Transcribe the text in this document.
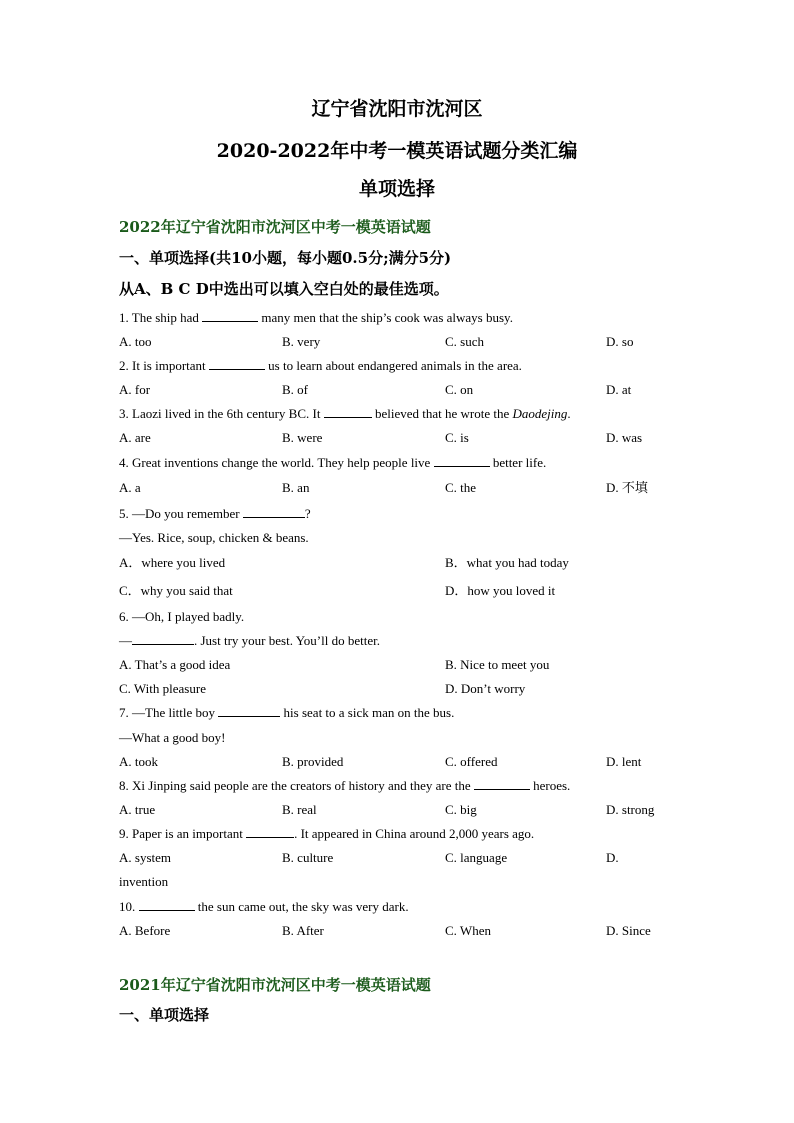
辽宁省沈阳市沈河区
2020-2022年中考一模英语试题分类汇编
单项选择
2022年辽宁省沈阳市沈河区中考一模英语试题
一、单项选择(共10小题，每小题0.5分;满分5分)
从A、B C D中选出可以填入空白处的最佳选项。
1. The ship had	many men that the ship’s cook was always busy.
A. too	B. very	C. such	D. so
2. It is important	us to learn about endangered animals in the area.
A. for	B. of	C. on	D. at
3. Laozi lived in the 6th century BC. It	believed that he wrote the Daodejing.
A. are	B. were	C. is	D. was
4. Great inventions change the world. They help people live	better life.
A. a	B. an	C. the	D. 不填
5. —Do you remember	?
—Yes. Rice, soup, chicken & beans.
A．where you lived	B．what you had today
C．why you said that	D．how you loved it
6. —Oh, I played badly.
—	. Just try your best. You’ll do better.
A. That’s a good idea	B. Nice to meet you
C. With pleasure	D. Don’t worry
7. —The little boy	his seat to a sick man on the bus.
—What a good boy!
A. took	B. provided	C. offered	D. lent
8. Xi Jinping said people are the creators of history and they are the	heroes.
A. true	B. real	C. big	D. strong
9. Paper is an important	. It appeared in China around 2,000 years ago.
A. system	B. culture	C. language	D.
invention
10.	the sun came out, the sky was very dark.
A. Before	B. After	C. When	D. Since
2021年辽宁省沈阳市沈河区中考一模英语试题
一、单项选择
